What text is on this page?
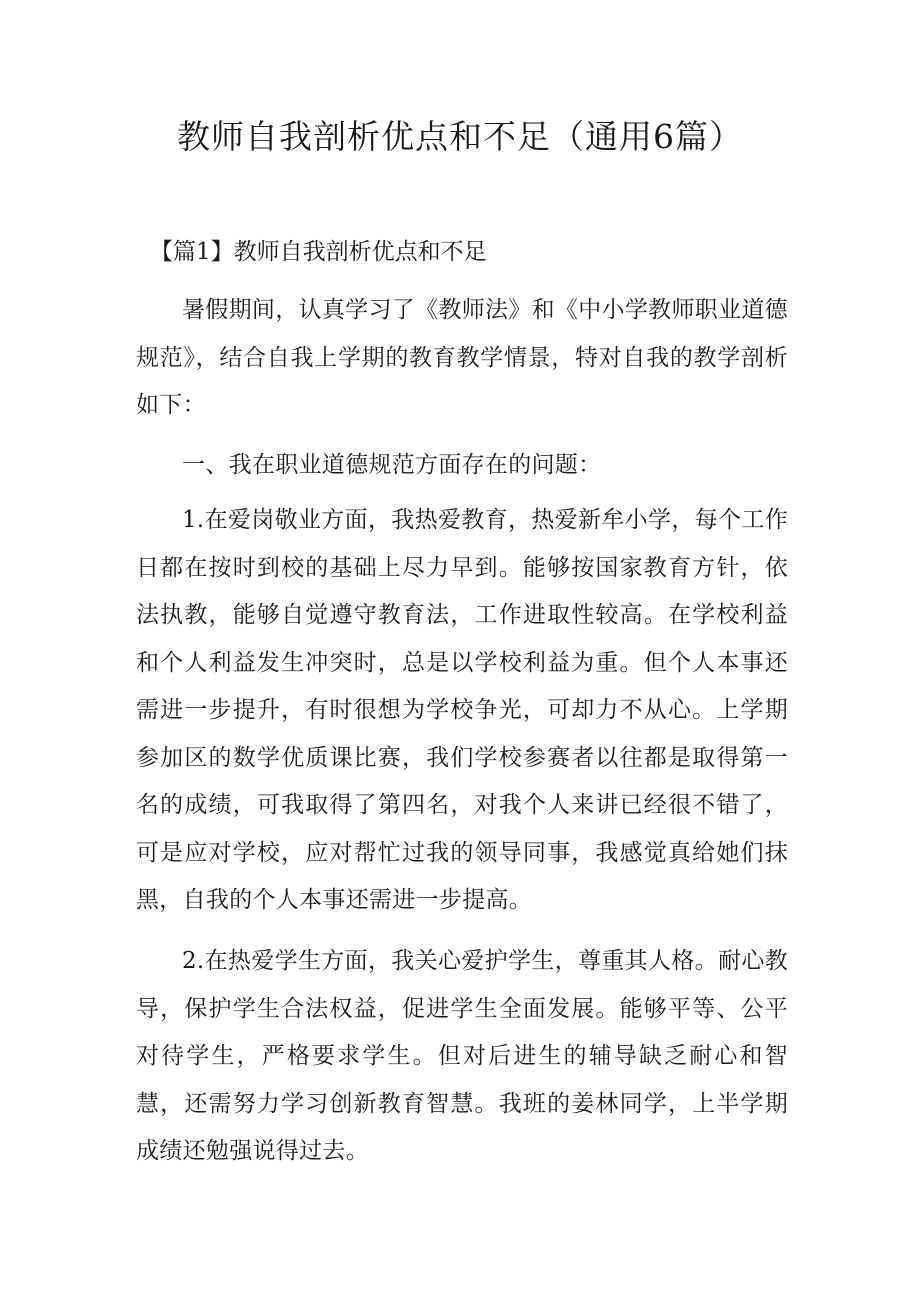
教师自我剖析优点和不足（通用6篇）
【篇1】教师自我剖析优点和不足

暑假期间，认真学习了《教师法》和《中小学教师职业道德规范》，结合自我上学期的教育教学情景，特对自我的教学剖析如下：

一、我在职业道德规范方面存在的问题：

1.在爱岗敬业方面，我热爱教育，热爱新牟小学，每个工作日都在按时到校的基础上尽力早到。能够按国家教育方针，依法执教，能够自觉遵守教育法，工作进取性较高。在学校利益和个人利益发生冲突时，总是以学校利益为重。但个人本事还需进一步提升，有时很想为学校争光，可却力不从心。上学期参加区的数学优质课比赛，我们学校参赛者以往都是取得第一名的成绩，可我取得了第四名，对我个人来讲已经很不错了，可是应对学校，应对帮忙过我的领导同事，我感觉真给她们抹黑，自我的个人本事还需进一步提高。

2.在热爱学生方面，我关心爱护学生，尊重其人格。耐心教导，保护学生合法权益，促进学生全面发展。能够平等、公平对待学生，严格要求学生。但对后进生的辅导缺乏耐心和智慧，还需努力学习创新教育智慧。我班的姜林同学，上半学期成绩还勉强说得过去。
